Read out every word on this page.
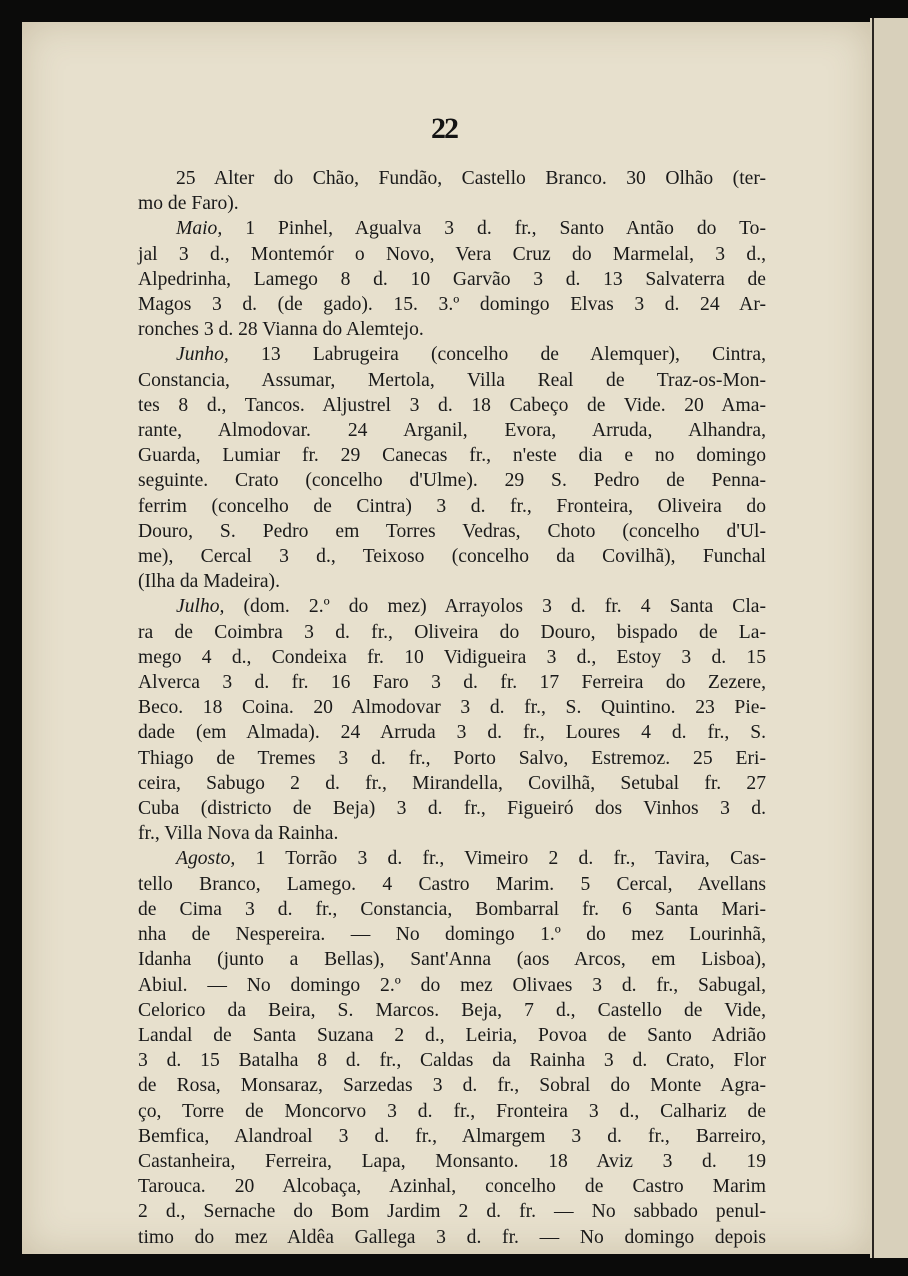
22
25 Alter do Chão, Fundão, Castello Branco. 30 Olhão (ter-
mo de Faro).
Maio, 1 Pinhel, Agualva 3 d. fr., Santo Antão do To-
jal 3 d., Montemór o Novo, Vera Cruz do Marmelal, 3 d.,
Alpedrinha, Lamego 8 d. 10 Garvão 3 d. 13 Salvaterra de
Magos 3 d. (de gado). 15. 3.º domingo Elvas 3 d. 24 Ar-
ronches 3 d. 28 Vianna do Alemtejo.
Junho, 13 Labrugeira (concelho de Alemquer), Cintra,
Constancia, Assumar, Mertola, Villa Real de Traz-os-Mon-
tes 8 d., Tancos. Aljustrel 3 d. 18 Cabeço de Vide. 20 Ama-
rante, Almodovar. 24 Arganil, Evora, Arruda, Alhandra,
Guarda, Lumiar fr. 29 Canecas fr., n'este dia e no domingo
seguinte. Crato (concelho d'Ulme). 29 S. Pedro de Penna-
ferrim (concelho de Cintra) 3 d. fr., Fronteira, Oliveira do
Douro, S. Pedro em Torres Vedras, Choto (concelho d'Ul-
me), Cercal 3 d., Teixoso (concelho da Covilhã), Funchal
(Ilha da Madeira).
Julho, (dom. 2.º do mez) Arrayolos 3 d. fr. 4 Santa Cla-
ra de Coimbra 3 d. fr., Oliveira do Douro, bispado de La-
mego 4 d., Condeixa fr. 10 Vidigueira 3 d., Estoy 3 d. 15
Alverca 3 d. fr. 16 Faro 3 d. fr. 17 Ferreira do Zezere,
Beco. 18 Coina. 20 Almodovar 3 d. fr., S. Quintino. 23 Pie-
dade (em Almada). 24 Arruda 3 d. fr., Loures 4 d. fr., S.
Thiago de Tremes 3 d. fr., Porto Salvo, Estremoz. 25 Eri-
ceira, Sabugo 2 d. fr., Mirandella, Covilhã, Setubal fr. 27
Cuba (districto de Beja) 3 d. fr., Figueiró dos Vinhos 3 d.
fr., Villa Nova da Rainha.
Agosto, 1 Torrão 3 d. fr., Vimeiro 2 d. fr., Tavira, Cas-
tello Branco, Lamego. 4 Castro Marim. 5 Cercal, Avellans
de Cima 3 d. fr., Constancia, Bombarral fr. 6 Santa Mari-
nha de Nespereira. — No domingo 1.º do mez Lourinhã,
Idanha (junto a Bellas), Sant'Anna (aos Arcos, em Lisboa),
Abiul. — No domingo 2.º do mez Olivaes 3 d. fr., Sabugal,
Celorico da Beira, S. Marcos. Beja, 7 d., Castello de Vide,
Landal de Santa Suzana 2 d., Leiria, Povoa de Santo Adrião
3 d. 15 Batalha 8 d. fr., Caldas da Rainha 3 d. Crato, Flor
de Rosa, Monsaraz, Sarzedas 3 d. fr., Sobral do Monte Agra-
ço, Torre de Moncorvo 3 d. fr., Fronteira 3 d., Calhariz de
Bemfica, Alandroal 3 d. fr., Almargem 3 d. fr., Barreiro,
Castanheira, Ferreira, Lapa, Monsanto. 18 Aviz 3 d. 19
Tarouca. 20 Alcobaça, Azinhal, concelho de Castro Marim
2 d., Sernache do Bom Jardim 2 d. fr. — No sabbado penul-
timo do mez Aldêa Gallega 3 d. fr. — No domingo depois
